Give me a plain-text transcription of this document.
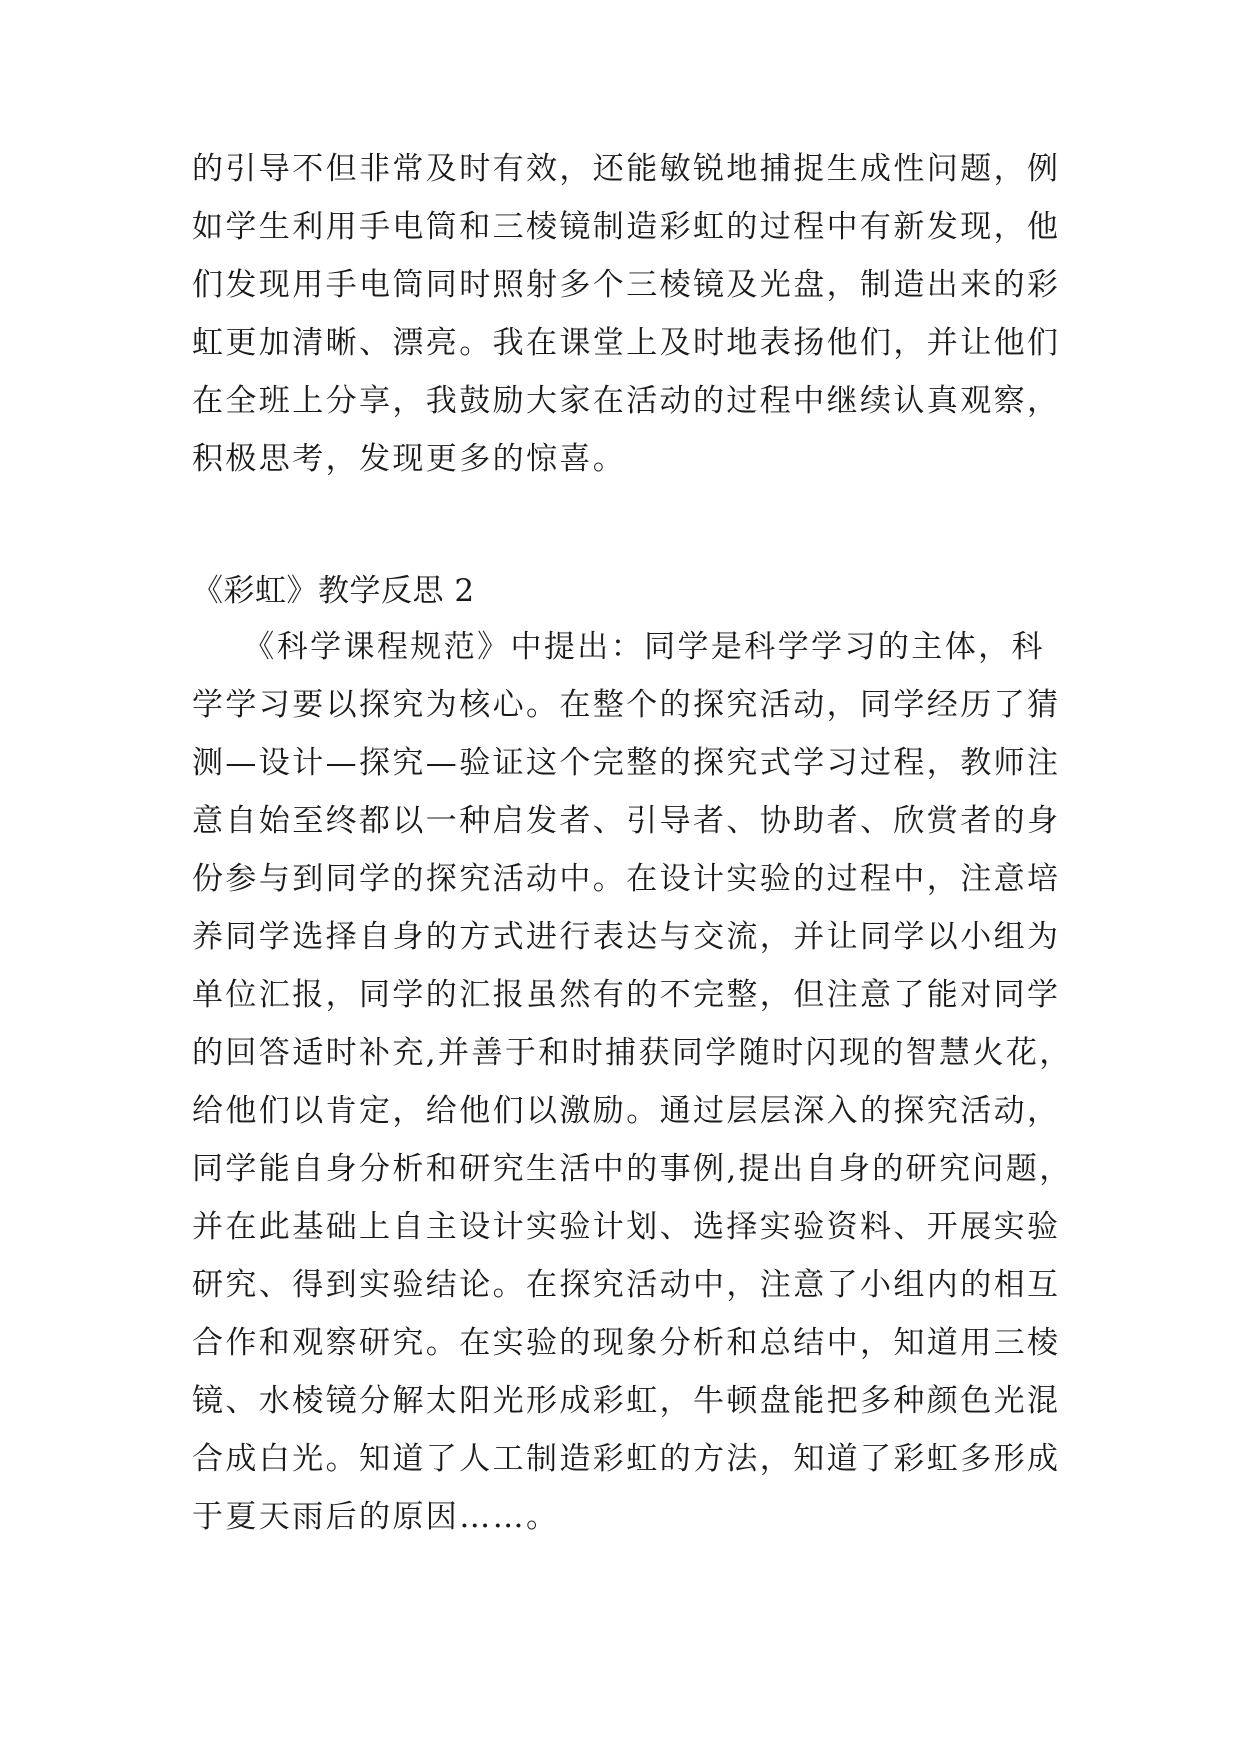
的引导不但非常及时有效，还能敏锐地捕捉生成性问题，例
如学生利用手电筒和三棱镜制造彩虹的过程中有新发现，他
们发现用手电筒同时照射多个三棱镜及光盘，制造出来的彩
虹更加清晰、漂亮。我在课堂上及时地表扬他们，并让他们
在全班上分享，我鼓励大家在活动的过程中继续认真观察，
积极思考，发现更多的惊喜。
《彩虹》教学反思 2
　　《科学课程规范》中提出：同学是科学学习的主体，科
学学习要以探究为核心。在整个的探究活动，同学经历了猜
测—设计—探究—验证这个完整的探究式学习过程，教师注
意自始至终都以一种启发者、引导者、协助者、欣赏者的身
份参与到同学的探究活动中。在设计实验的过程中，注意培
养同学选择自身的方式进行表达与交流，并让同学以小组为
单位汇报，同学的汇报虽然有的不完整，但注意了能对同学
的回答适时补充,并善于和时捕获同学随时闪现的智慧火花，
给他们以肯定，给他们以激励。通过层层深入的探究活动，
同学能自身分析和研究生活中的事例,提出自身的研究问题，
并在此基础上自主设计实验计划、选择实验资料、开展实验
研究、得到实验结论。在探究活动中，注意了小组内的相互
合作和观察研究。在实验的现象分析和总结中，知道用三棱
镜、水棱镜分解太阳光形成彩虹，牛顿盘能把多种颜色光混
合成白光。知道了人工制造彩虹的方法，知道了彩虹多形成
于夏天雨后的原因……。
